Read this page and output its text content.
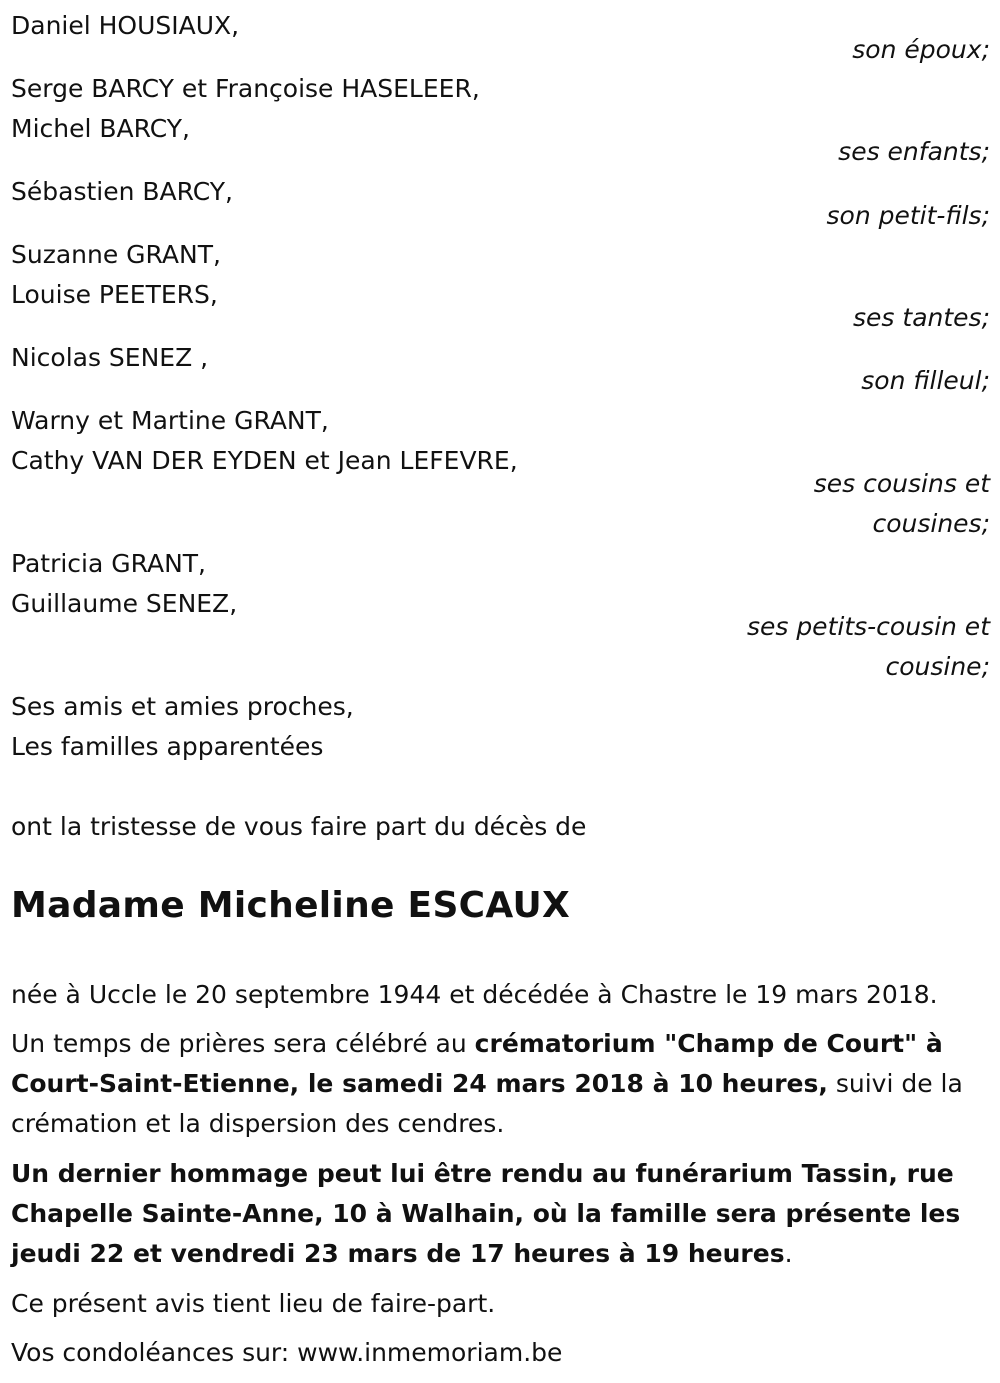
Daniel HOUSIAUX,
son époux;
Serge BARCY et Françoise HASELEER,
Michel BARCY,
ses enfants;
Sébastien BARCY,
son petit-fils;
Suzanne GRANT,
Louise PEETERS,
ses tantes;
Nicolas SENEZ ,
son filleul;
Warny et Martine GRANT,
Cathy VAN DER EYDEN et Jean LEFEVRE,
ses cousins et
cousines;
Patricia GRANT,
Guillaume SENEZ,
ses petits-cousin et
cousine;
Ses amis et amies proches,
Les familles apparentées
ont la tristesse de vous faire part du décès de
Madame Micheline ESCAUX
née à Uccle le 20 septembre 1944 et décédée à Chastre le 19 mars 2018.
Un temps de prières sera célébré au crématorium "Champ de Court" à Court-Saint-Etienne, le samedi 24 mars 2018 à 10 heures, suivi de la crémation et la dispersion des cendres.
Un dernier hommage peut lui être rendu au funérarium Tassin, rue Chapelle Sainte-Anne, 10 à Walhain, où la famille sera présente les jeudi 22 et vendredi 23 mars de 17 heures à 19 heures.
Ce présent avis tient lieu de faire-part.
Vos condoléances sur: www.inmemoriam.be
